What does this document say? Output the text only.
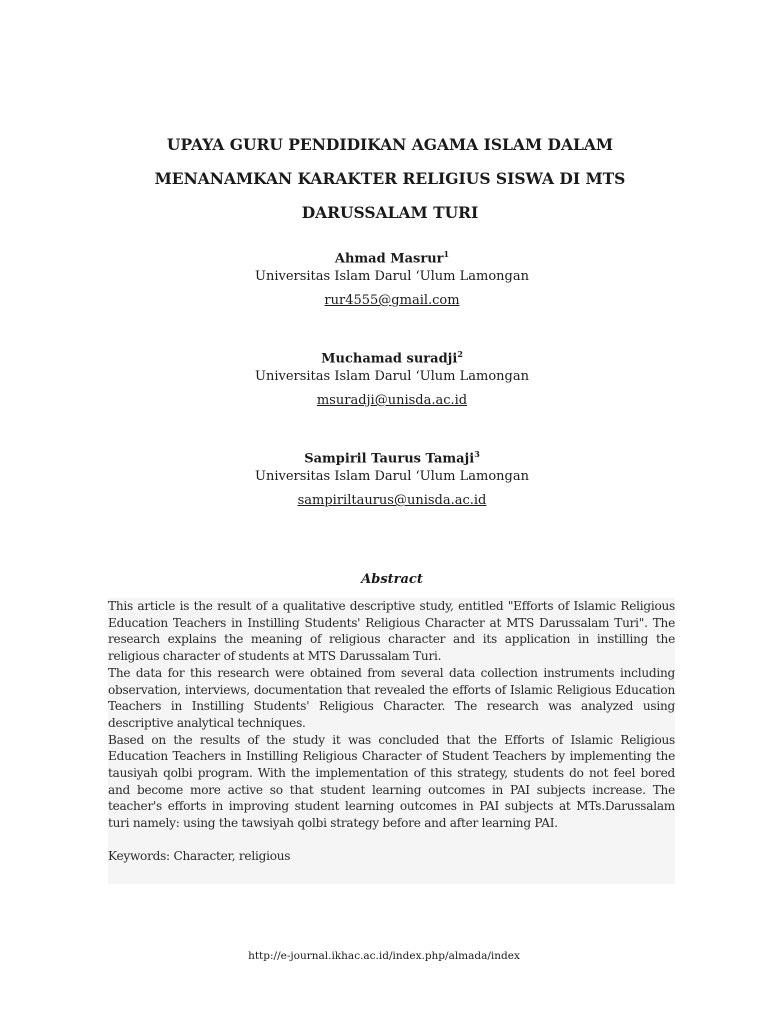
UPAYA GURU PENDIDIKAN AGAMA ISLAM DALAM
MENANAMKAN KARAKTER RELIGIUS SISWA DI MTS
DARUSSALAM TURI
Ahmad Masrur$^1$
Universitas Islam Darul ‘Ulum Lamongan
rur4555@gmail.com
Muchamad suradji$^2$
Universitas Islam Darul ‘Ulum Lamongan
msuradji@unisda.ac.id
Sampiril Taurus Tamaji$^3$
Universitas Islam Darul ‘Ulum Lamongan
sampiriltaurus@unisda.ac.id
Abstract

This article is the result of a qualitative descriptive study, entitled "Efforts of Islamic Religious Education Teachers in Instilling Students' Religious Character at MTS Darussalam Turi". The research explains the meaning of religious character and its application in instilling the religious character of students at MTS Darussalam Turi.

The data for this research were obtained from several data collection instruments including observation, interviews, documentation that revealed the efforts of Islamic Religious Education Teachers in Instilling Students' Religious Character. The research was analyzed using descriptive analytical techniques.

Based on the results of the study it was concluded that the Efforts of Islamic Religious Education Teachers in Instilling Religious Character of Student Teachers by implementing the tausiyah qolbi program. With the implementation of this strategy, students do not feel bored and become more active so that student learning outcomes in PAI subjects increase. The teacher's efforts in improving student learning outcomes in PAI subjects at MTs.Darussalam turi namely: using the tawsiyah qolbi strategy before and after learning PAI.

Keywords: Character, religious

http://e-journal.ikhac.ac.id/index.php/almada/index
